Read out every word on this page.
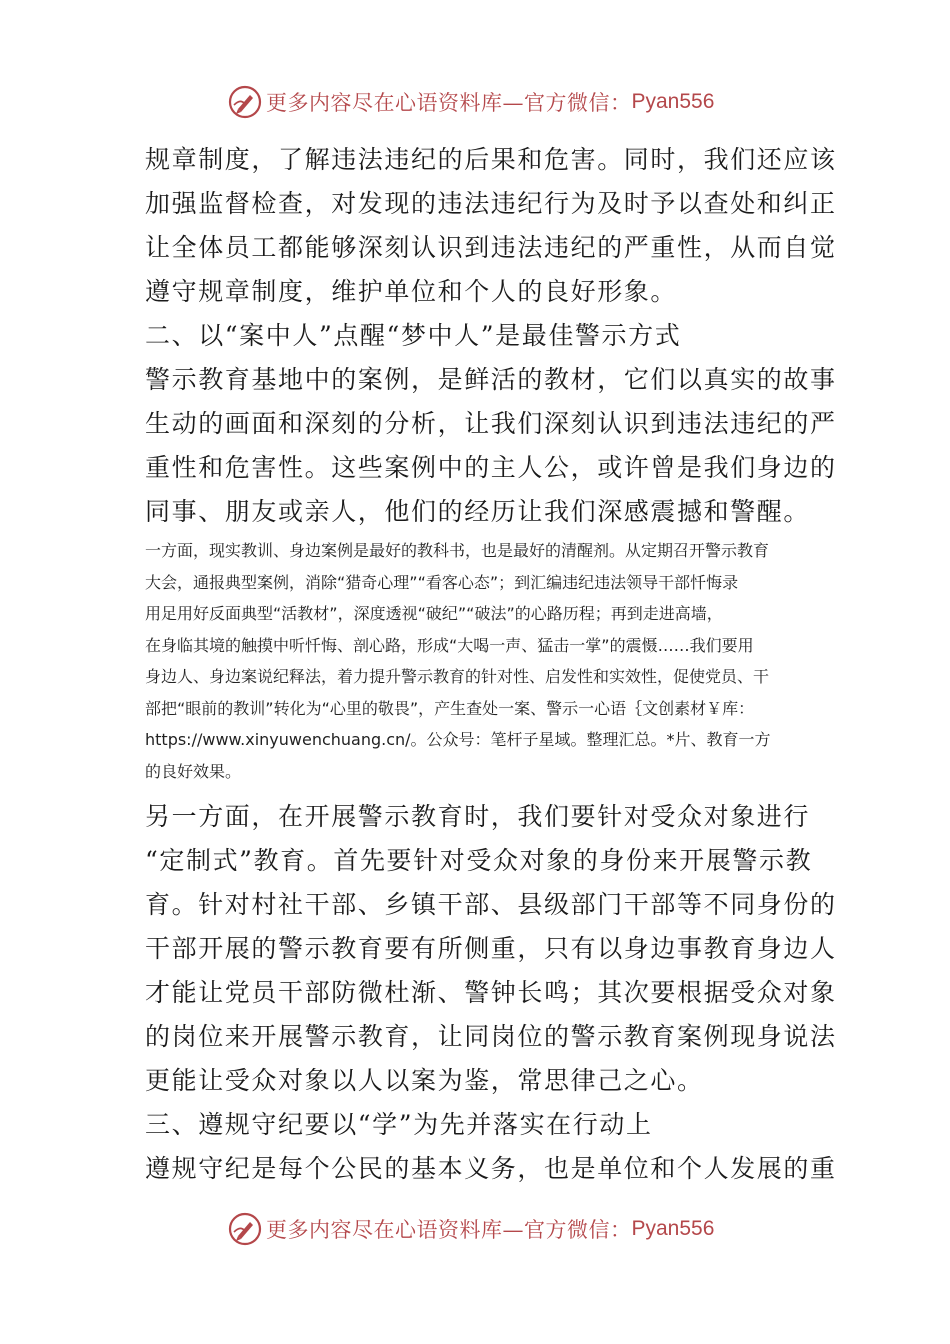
更多内容尽在心语资料库—官方微信： Pyan556
规章制度，了解违法违纪的后果和危害。同时，我们还应该
加强监督检查，对发现的违法违纪行为及时予以查处和纠正
让全体员工都能够深刻认识到违法违纪的严重性，从而自觉
遵守规章制度，维护单位和个人的良好形象。
二、以“案中人”点醒“梦中人”是最佳警示方式
警示教育基地中的案例，是鲜活的教材，它们以真实的故事
生动的画面和深刻的分析，让我们深刻认识到违法违纪的严
重性和危害性。这些案例中的主人公，或许曾是我们身边的
同事、朋友或亲人，他们的经历让我们深感震撼和警醒。
一方面，现实教训、身边案例是最好的教科书，也是最好的清醒剂。从定期召开警示教育
大会，通报典型案例，消除“猎奇心理”“看客心态”；到汇编违纪违法领导干部忏悔录
用足用好反面典型“活教材”，深度透视“破纪”“破法”的心路历程；再到走进高墙，
在身临其境的触摸中听忏悔、剖心路，形成“大喝一声、猛击一掌”的震慑……我们要用
身边人、身边案说纪释法，着力提升警示教育的针对性、启发性和实效性，促使党员、干
部把“眼前的教训”转化为“心里的敬畏”，产生查处一案、警示一心语｛文创素材￥库：
https://www.xinyuwenchuang.cn/。公众号：笔杆子星域。整理汇总。*片、教育一方
的良好效果。
另一方面，在开展警示教育时，我们要针对受众对象进行
“定制式”教育。首先要针对受众对象的身份来开展警示教
育。针对村社干部、乡镇干部、县级部门干部等不同身份的
干部开展的警示教育要有所侧重，只有以身边事教育身边人
才能让党员干部防微杜渐、警钟长鸣；其次要根据受众对象
的岗位来开展警示教育，让同岗位的警示教育案例现身说法
更能让受众对象以人以案为鉴，常思律己之心。
三、遵规守纪要以“学”为先并落实在行动上
遵规守纪是每个公民的基本义务，也是单位和个人发展的重
更多内容尽在心语资料库—官方微信： Pyan556
